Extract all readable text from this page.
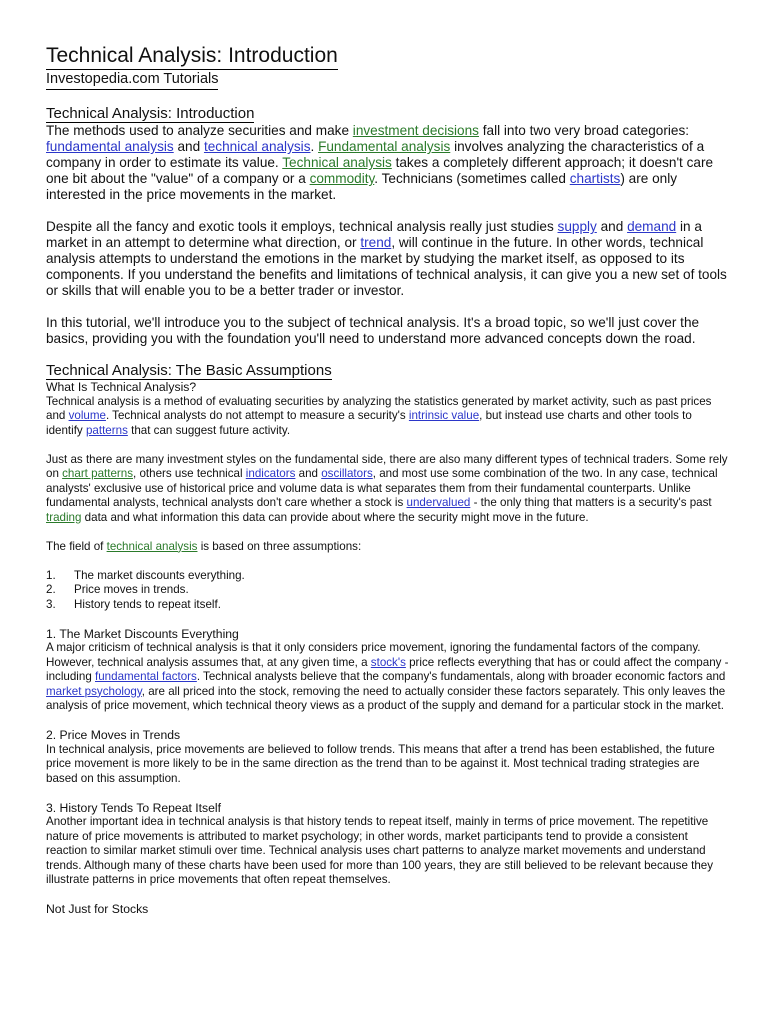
Technical Analysis: Introduction
Investopedia.com Tutorials
Technical Analysis: Introduction

The methods used to analyze securities and make investment decisions fall into two very broad categories: fundamental analysis and technical analysis. Fundamental analysis involves analyzing the characteristics of a company in order to estimate its value. Technical analysis takes a completely different approach; it doesn't care one bit about the "value" of a company or a commodity. Technicians (sometimes called chartists) are only interested in the price movements in the market.

Despite all the fancy and exotic tools it employs, technical analysis really just studies supply and demand in a market in an attempt to determine what direction, or trend, will continue in the future. In other words, technical analysis attempts to understand the emotions in the market by studying the market itself, as opposed to its components. If you understand the benefits and limitations of technical analysis, it can give you a new set of tools or skills that will enable you to be a better trader or investor.

In this tutorial, we'll introduce you to the subject of technical analysis. It's a broad topic, so we'll just cover the basics, providing you with the foundation you'll need to understand more advanced concepts down the road.

Technical Analysis: The Basic Assumptions
What Is Technical Analysis?

Technical analysis is a method of evaluating securities by analyzing the statistics generated by market activity, such as past prices and volume. Technical analysts do not attempt to measure a security's intrinsic value, but instead use charts and other tools to identify patterns that can suggest future activity.

Just as there are many investment styles on the fundamental side, there are also many different types of technical traders. Some rely on chart patterns, others use technical indicators and oscillators, and most use some combination of the two. In any case, technical analysts' exclusive use of historical price and volume data is what separates them from their fundamental counterparts. Unlike fundamental analysts, technical analysts don't care whether a stock is undervalued - the only thing that matters is a security's past trading data and what information this data can provide about where the security might move in the future.

The field of technical analysis is based on three assumptions:

1.	The market discounts everything.
2.	Price moves in trends.
3.	History tends to repeat itself.
1. The Market Discounts Everything

A major criticism of technical analysis is that it only considers price movement, ignoring the fundamental factors of the company. However, technical analysis assumes that, at any given time, a stock's price reflects everything that has or could affect the company - including fundamental factors. Technical analysts believe that the company's fundamentals, along with broader economic factors and market psychology, are all priced into the stock, removing the need to actually consider these factors separately. This only leaves the analysis of price movement, which technical theory views as a product of the supply and demand for a particular stock in the market.

2. Price Moves in Trends

In technical analysis, price movements are believed to follow trends. This means that after a trend has been established, the future price movement is more likely to be in the same direction as the trend than to be against it. Most technical trading strategies are based on this assumption.

3. History Tends To Repeat Itself

Another important idea in technical analysis is that history tends to repeat itself, mainly in terms of price movement. The repetitive nature of price movements is attributed to market psychology; in other words, market participants tend to provide a consistent reaction to similar market stimuli over time. Technical analysis uses chart patterns to analyze market movements and understand trends. Although many of these charts have been used for more than 100 years, they are still believed to be relevant because they illustrate patterns in price movements that often repeat themselves.

Not Just for Stocks
